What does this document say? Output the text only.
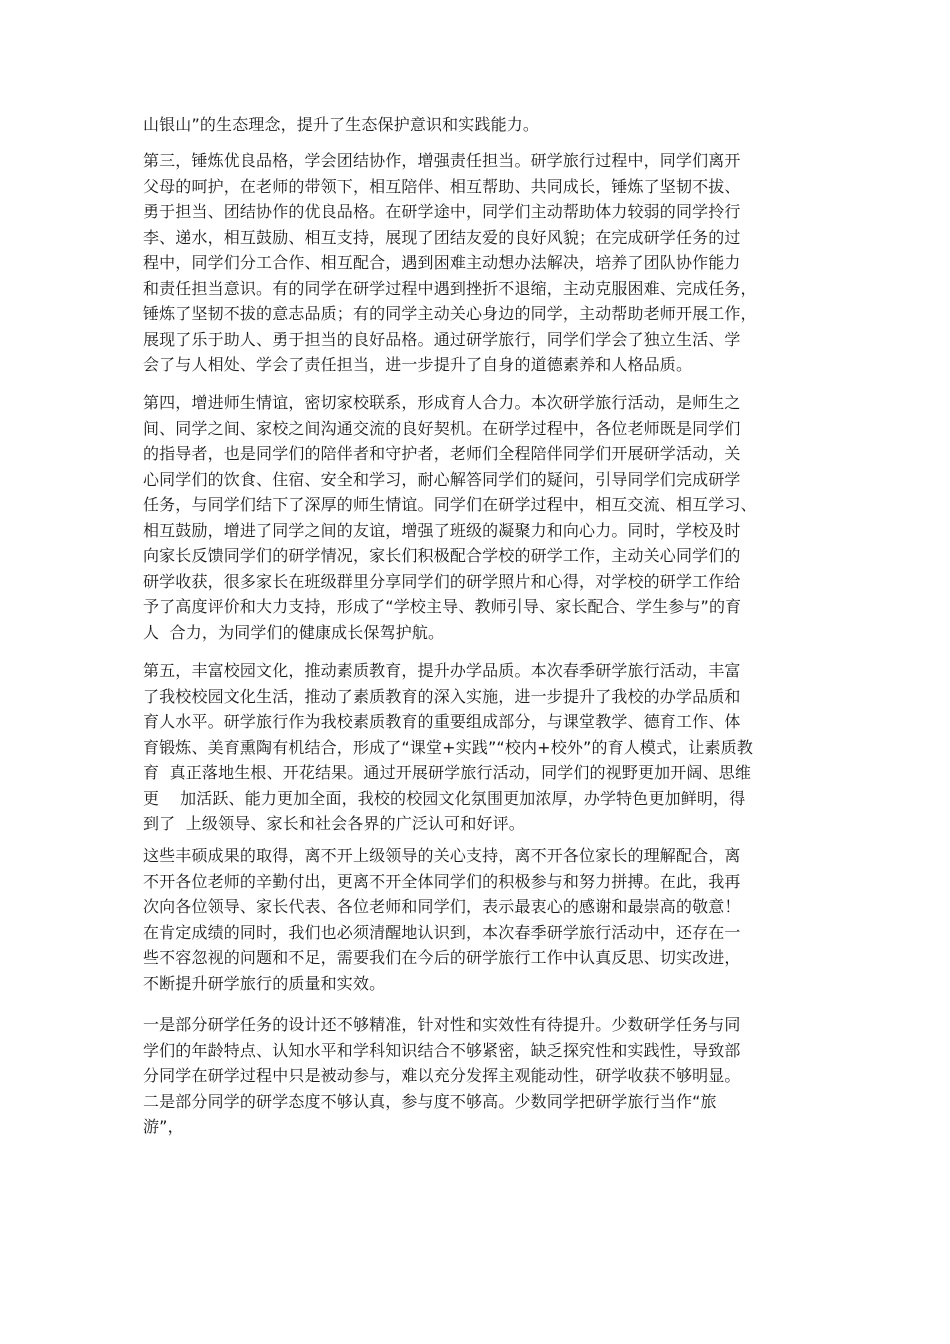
山银山”的生态理念，提升了生态保护意识和实践能力。
第三，锤炼优良品格，学会团结协作，增强责任担当。研学旅行过程中，同学们离开
父母的呵护，在老师的带领下，相互陪伴、相互帮助、共同成长，锤炼了坚韧不拔、
勇于担当、团结协作的优良品格。在研学途中，同学们主动帮助体力较弱的同学拎行
李、递水，相互鼓励、相互支持，展现了团结友爱的良好风貌；在完成研学任务的过
程中，同学们分工合作、相互配合，遇到困难主动想办法解决，培养了团队协作能力
和责任担当意识。有的同学在研学过程中遇到挫折不退缩，主动克服困难、完成任务，
锤炼了坚韧不拔的意志品质；有的同学主动关心身边的同学，主动帮助老师开展工作，
展现了乐于助人、勇于担当的良好品格。通过研学旅行，同学们学会了独立生活、学
会了与人相处、学会了责任担当，进一步提升了自身的道德素养和人格品质。
第四，增进师生情谊，密切家校联系，形成育人合力。本次研学旅行活动，是师生之
间、同学之间、家校之间沟通交流的良好契机。在研学过程中，各位老师既是同学们
的指导者，也是同学们的陪伴者和守护者，老师们全程陪伴同学们开展研学活动，关
心同学们的饮食、住宿、安全和学习，耐心解答同学们的疑问，引导同学们完成研学
任务，与同学们结下了深厚的师生情谊。同学们在研学过程中，相互交流、相互学习、
相互鼓励，增进了同学之间的友谊，增强了班级的凝聚力和向心力。同时，学校及时
向家长反馈同学们的研学情况，家长们积极配合学校的研学工作，主动关心同学们的
研学收获，很多家长在班级群里分享同学们的研学照片和心得，对学校的研学工作给
予了高度评价和大力支持，形成了“学校主导、教师引导、家长配合、学生参与”的育
人  合力，为同学们的健康成长保驾护航。
第五，丰富校园文化，推动素质教育，提升办学品质。本次春季研学旅行活动，丰富
了我校校园文化生活，推动了素质教育的深入实施，进一步提升了我校的办学品质和
育人水平。研学旅行作为我校素质教育的重要组成部分，与课堂教学、德育工作、体
育锻炼、美育熏陶有机结合，形成了“课堂+实践”“校内+校外”的育人模式，让素质教
育  真正落地生根、开花结果。通过开展研学旅行活动，同学们的视野更加开阔、思维
更    加活跃、能力更加全面，我校的校园文化氛围更加浓厚，办学特色更加鲜明，得
到了  上级领导、家长和社会各界的广泛认可和好评。
这些丰硕成果的取得，离不开上级领导的关心支持，离不开各位家长的理解配合，离
不开各位老师的辛勤付出，更离不开全体同学们的积极参与和努力拼搏。在此，我再
次向各位领导、家长代表、各位老师和同学们，表示最衷心的感谢和最崇高的敬意！
在肯定成绩的同时，我们也必须清醒地认识到，本次春季研学旅行活动中，还存在一
些不容忽视的问题和不足，需要我们在今后的研学旅行工作中认真反思、切实改进，
不断提升研学旅行的质量和实效。
一是部分研学任务的设计还不够精准，针对性和实效性有待提升。少数研学任务与同
学们的年龄特点、认知水平和学科知识结合不够紧密，缺乏探究性和实践性，导致部
分同学在研学过程中只是被动参与，难以充分发挥主观能动性，研学收获不够明显。
二是部分同学的研学态度不够认真，参与度不够高。少数同学把研学旅行当作“旅
游”，
